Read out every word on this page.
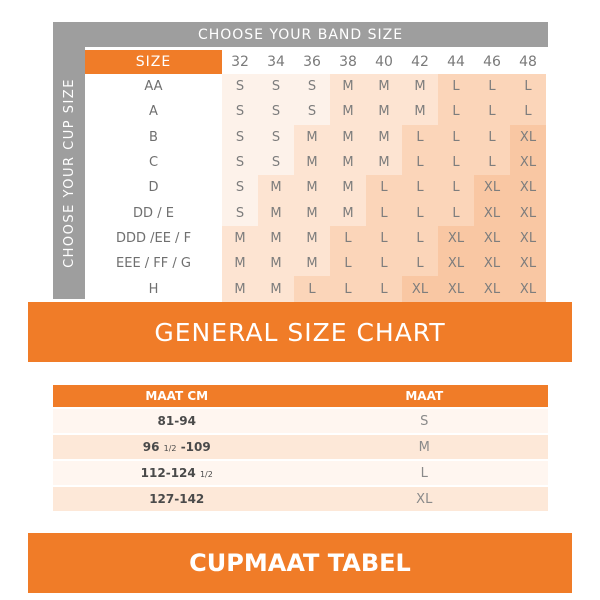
CHOOSE YOUR BAND SIZE
CHOOSE YOUR CUP SIZE
SIZE	32	34	36	38	40	42	44	46	48
AA	S	S	S	M	M	M	L	L	L
A	S	S	S	M	M	M	L	L	L
B	S	S	M	M	M	L	L	L	XL
C	S	S	M	M	M	L	L	L	XL
D	S	M	M	M	L	L	L	XL	XL
DD / E	S	M	M	M	L	L	L	XL	XL
DDD /EE / F	M	M	M	L	L	L	XL	XL	XL
EEE / FF / G	M	M	M	L	L	L	XL	XL	XL
H	M	M	L	L	L	XL	XL	XL	XL
GENERAL SIZE CHART
MAAT CM	MAAT
81-94	S
96 1/2 -109	M
112-124 1/2	L
127-142	XL
CUPMAAT TABEL
